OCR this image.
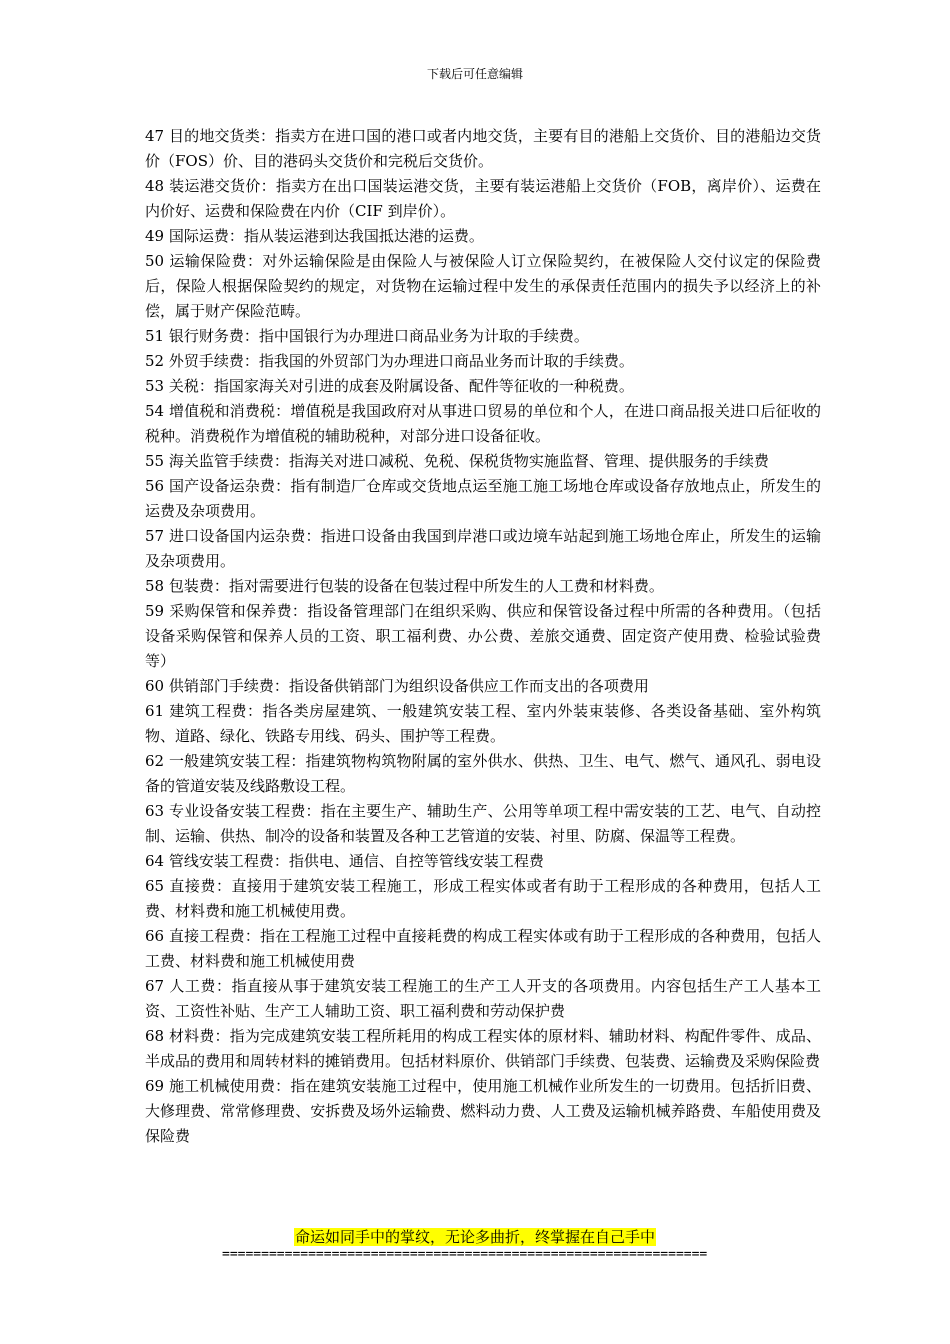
下载后可任意编辑

47 目的地交货类：指卖方在进口国的港口或者内地交货，主要有目的港船上交货价、目的港船边交货价（FOS）价、目的港码头交货价和完税后交货价。

48 装运港交货价：指卖方在出口国装运港交货，主要有装运港船上交货价（FOB，离岸价）、运费在内价好、运费和保险费在内价（CIF 到岸价）。

49 国际运费：指从装运港到达我国抵达港的运费。

50 运输保险费：对外运输保险是由保险人与被保险人订立保险契约，在被保险人交付议定的保险费后，保险人根据保险契约的规定，对货物在运输过程中发生的承保责任范围内的损失予以经济上的补偿，属于财产保险范畴。

51 银行财务费：指中国银行为办理进口商品业务为计取的手续费。

52 外贸手续费：指我国的外贸部门为办理进口商品业务而计取的手续费。

53 关税：指国家海关对引进的成套及附属设备、配件等征收的一种税费。

54 增值税和消费税：增值税是我国政府对从事进口贸易的单位和个人，在进口商品报关进口后征收的税种。消费税作为增值税的辅助税种，对部分进口设备征收。

55 海关监管手续费：指海关对进口减税、免税、保税货物实施监督、管理、提供服务的手续费

56 国产设备运杂费：指有制造厂仓库或交货地点运至施工施工场地仓库或设备存放地点止，所发生的运费及杂项费用。

57 进口设备国内运杂费：指进口设备由我国到岸港口或边境车站起到施工场地仓库止，所发生的运输及杂项费用。

58 包装费：指对需要进行包装的设备在包装过程中所发生的人工费和材料费。

59 采购保管和保养费：指设备管理部门在组织采购、供应和保管设备过程中所需的各种费用。（包括设备采购保管和保养人员的工资、职工福利费、办公费、差旅交通费、固定资产使用费、检验试验费等）

60 供销部门手续费：指设备供销部门为组织设备供应工作而支出的各项费用

61 建筑工程费：指各类房屋建筑、一般建筑安装工程、室内外装束装修、各类设备基础、室外构筑物、道路、绿化、铁路专用线、码头、围护等工程费。

62 一般建筑安装工程：指建筑物构筑物附属的室外供水、供热、卫生、电气、燃气、通风孔、弱电设备的管道安装及线路敷设工程。

63 专业设备安装工程费：指在主要生产、辅助生产、公用等单项工程中需安装的工艺、电气、自动控制、运输、供热、制冷的设备和装置及各种工艺管道的安装、衬里、防腐、保温等工程费。

64 管线安装工程费：指供电、通信、自控等管线安装工程费

65 直接费：直接用于建筑安装工程施工，形成工程实体或者有助于工程形成的各种费用，包括人工费、材料费和施工机械使用费。

66 直接工程费：指在工程施工过程中直接耗费的构成工程实体或有助于工程形成的各种费用，包括人工费、材料费和施工机械使用费

67 人工费：指直接从事于建筑安装工程施工的生产工人开支的各项费用。内容包括生产工人基本工资、工资性补贴、生产工人辅助工资、职工福利费和劳动保护费

68 材料费：指为完成建筑安装工程所耗用的构成工程实体的原材料、辅助材料、构配件零件、成品、半成品的费用和周转材料的摊销费用。包括材料原价、供销部门手续费、包装费、运输费及采购保险费

69 施工机械使用费：指在建筑安装施工过程中，使用施工机械作业所发生的一切费用。包括折旧费、大修理费、常常修理费、安拆费及场外运输费、燃料动力费、人工费及运输机械养路费、车船使用费及保险费

命运如同手中的掌纹，无论多曲折，终掌握在自己手中
==============================================================
